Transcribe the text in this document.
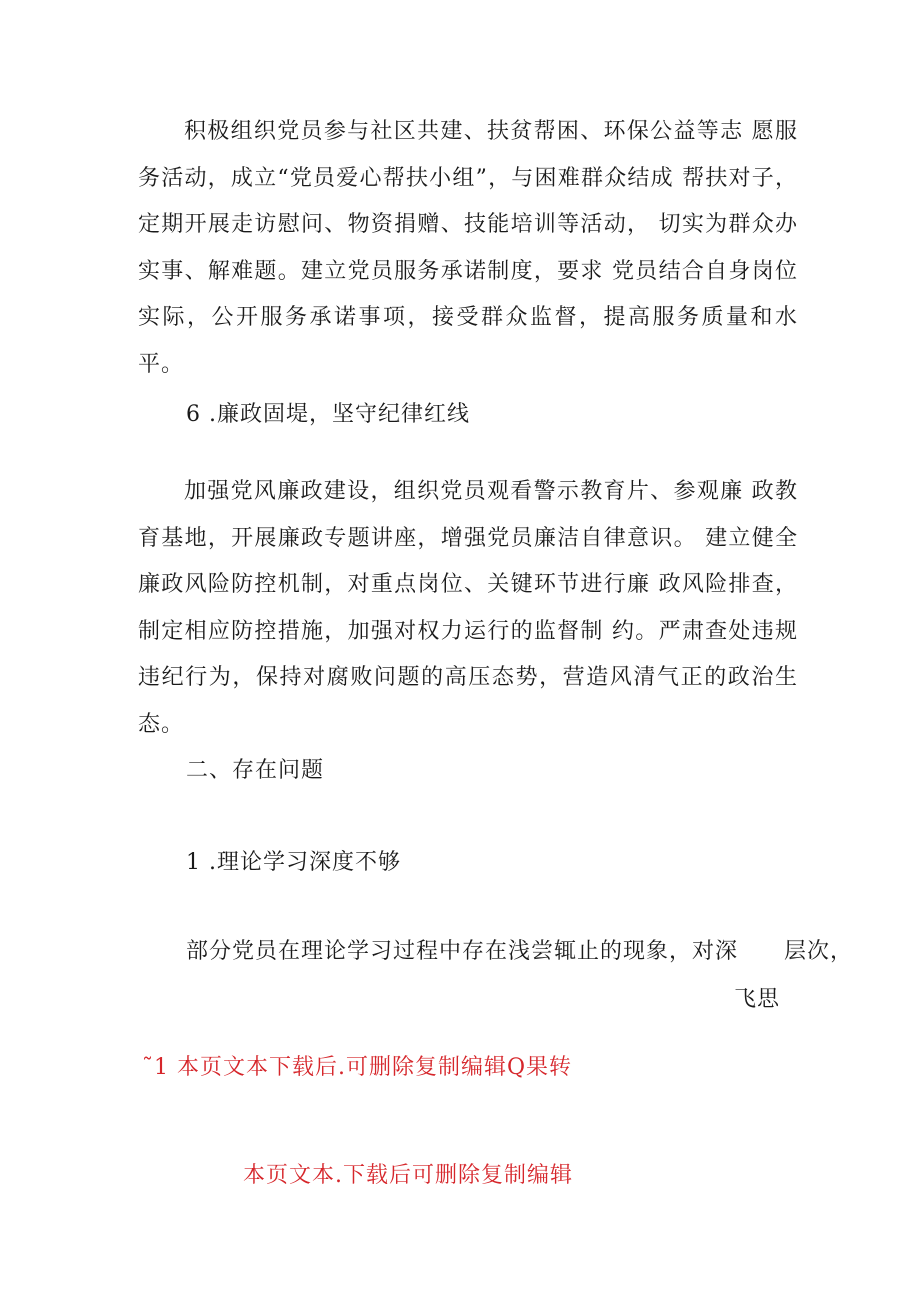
积极组织党员参与社区共建、扶贫帮困、环保公益等志 愿服务活动，成立“党员爱心帮扶小组”，与困难群众结成 帮扶对子，定期开展走访慰问、物资捐赠、技能培训等活动， 切实为群众办实事、解难题。建立党员服务承诺制度，要求 党员结合自身岗位实际，公开服务承诺事项，接受群众监督，提高服务质量和水平。

6 .廉政固堤，坚守纪律红线

加强党风廉政建设，组织党员观看警示教育片、参观廉 政教育基地，开展廉政专题讲座，增强党员廉洁自律意识。 建立健全廉政风险防控机制，对重点岗位、关键环节进行廉 政风险排查，制定相应防控措施，加强对权力运行的监督制 约。严肃查处违规违纪行为，保持对腐败问题的高压态势，营造风清气正的政治生态。

二、存在问题
1 .理论学习深度不够
部分党员在理论学习过程中存在浅尝辄止的现象，对深　　层次，
飞思
˜1 本页文本下载后.可删除复制编辑Q果转
本页文本.下载后可删除复制编辑
